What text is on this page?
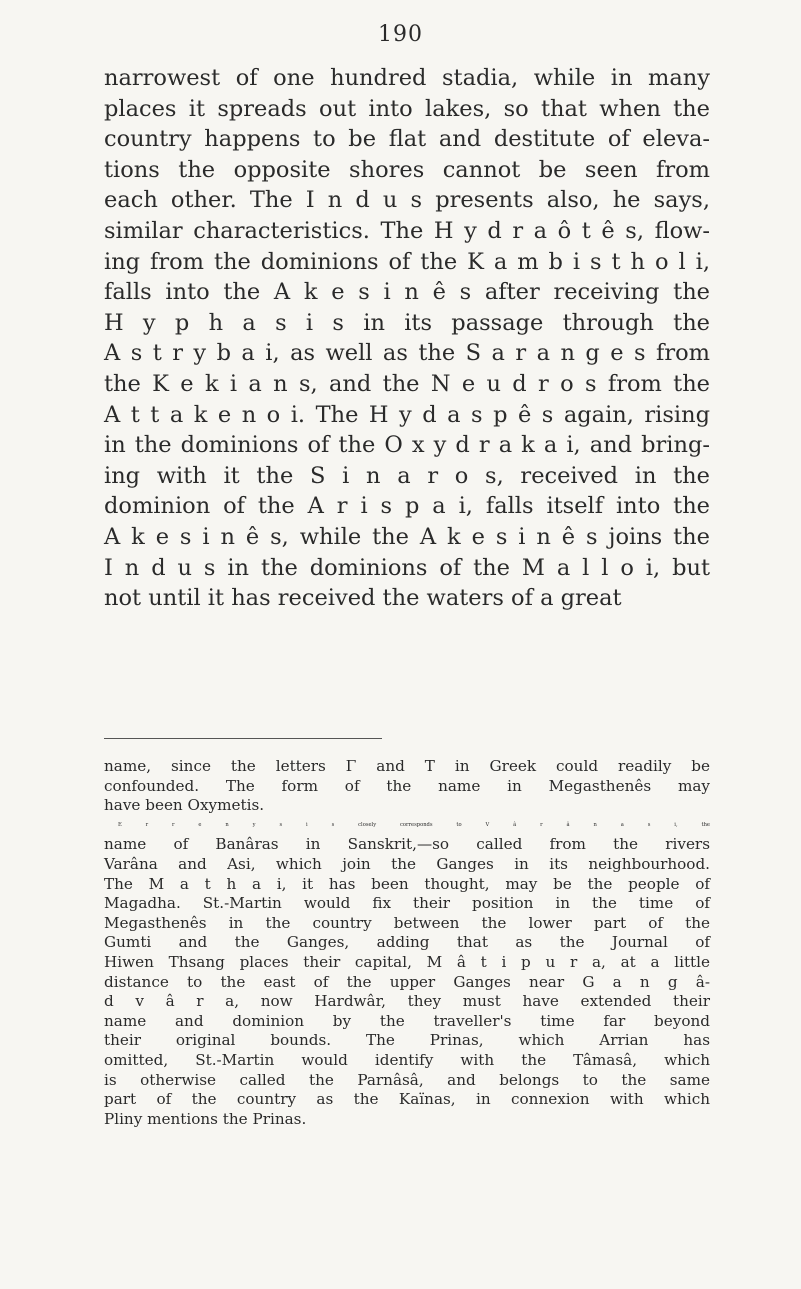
190
narrowest of one hundred stadia, while in many
places it spreads out into lakes, so that when the
country happens to be flat and destitute of eleva-
tions the opposite shores cannot be seen from
each other. The I n d u s presents also, he says,
similar characteristics. The H y d r a ô t ê s, flow-
ing from the dominions of the K a m b i s t h o l i,
falls into the A k e s i n ê s after receiving the
H y p h a s i s in its passage through the
A s t r y b a i, as well as the S a r a n g e s from
the K e k i a n s, and the N e u d r o s from the
A t t a k e n o i. The H y d a s p ê s again, rising
in the dominions of the O x y d r a k a i, and bring-
ing with it the S i n a r o s, received in the
dominion of the A r i s p a i, falls itself into the
A k e s i n ê s, while the A k e s i n ê s joins the
I n d u s in the dominions of the M a l l o i, but
not until it has received the waters of a great

name, since the letters Γ and T in Greek could readily be
confounded. The form of the name in Megasthenês may
have been Oxymetis.

E r r e n y s i s closely corresponds to V â r â n a s i, the
name of Banâras in Sanskrit,—so called from the rivers
Varâna and Asi, which join the Ganges in its neighbourhood.
The M a t h a i, it has been thought, may be the people of
Magadha. St.-Martin would fix their position in the time of
Megasthenês in the country between the lower part of the
Gumti and the Ganges, adding that as the Journal of
Hiwen Thsang places their capital, M â t i p u r a, at a little
distance to the east of the upper Ganges near G a n g â-
d v â r a, now Hardwâr, they must have extended their
name and dominion by the traveller's time far beyond
their original bounds. The Prinas, which Arrian has
omitted, St.-Martin would identify with the Tâmasâ, which
is otherwise called the Parnâsâ, and belongs to the same
part of the country as the Kaïnas, in connexion with which
Pliny mentions the Prinas.
